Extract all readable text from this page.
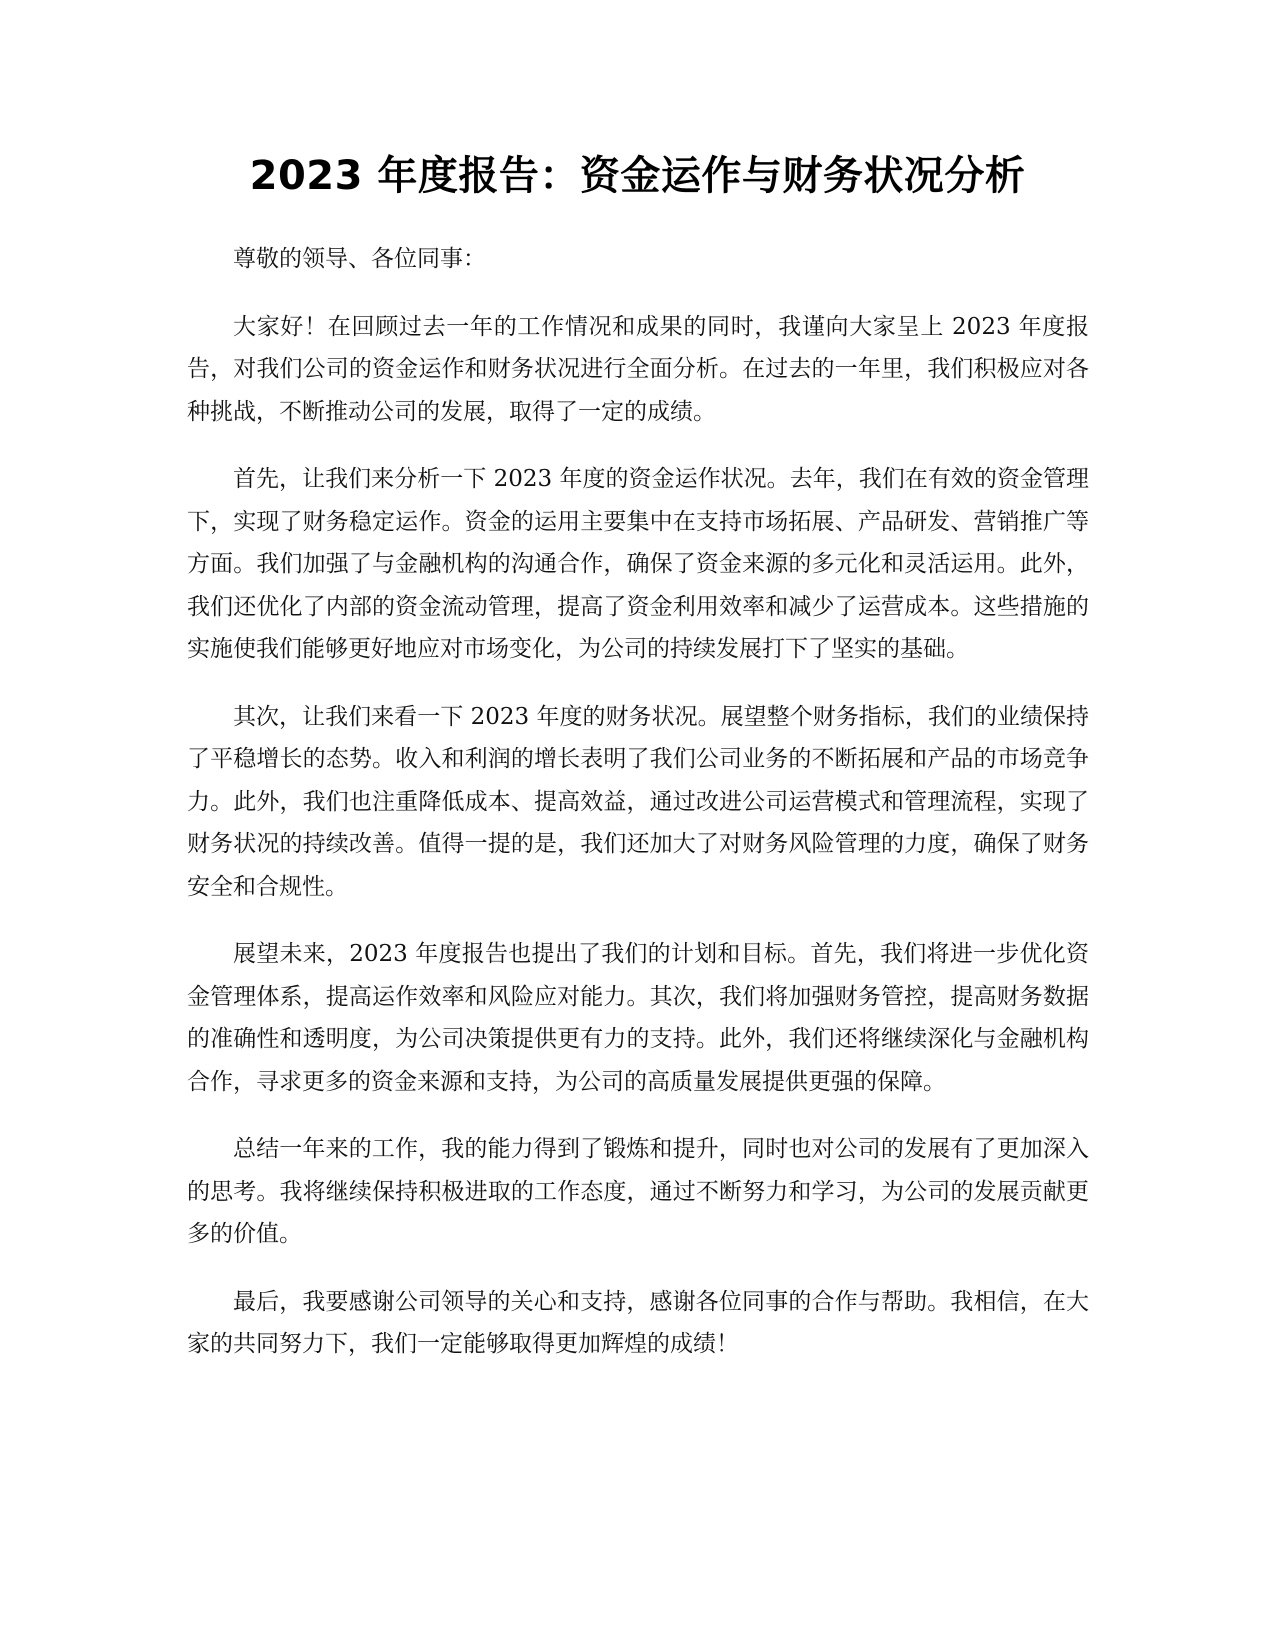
2023 年度报告：资金运作与财务状况分析

尊敬的领导、各位同事：

大家好！在回顾过去一年的工作情况和成果的同时，我谨向大家呈上 2023 年度报告，对我们公司的资金运作和财务状况进行全面分析。在过去的一年里，我们积极应对各种挑战，不断推动公司的发展，取得了一定的成绩。

首先，让我们来分析一下 2023 年度的资金运作状况。去年，我们在有效的资金管理下，实现了财务稳定运作。资金的运用主要集中在支持市场拓展、产品研发、营销推广等方面。我们加强了与金融机构的沟通合作，确保了资金来源的多元化和灵活运用。此外，我们还优化了内部的资金流动管理，提高了资金利用效率和减少了运营成本。这些措施的实施使我们能够更好地应对市场变化，为公司的持续发展打下了坚实的基础。

其次，让我们来看一下 2023 年度的财务状况。展望整个财务指标，我们的业绩保持了平稳增长的态势。收入和利润的增长表明了我们公司业务的不断拓展和产品的市场竞争力。此外，我们也注重降低成本、提高效益，通过改进公司运营模式和管理流程，实现了财务状况的持续改善。值得一提的是，我们还加大了对财务风险管理的力度，确保了财务安全和合规性。

展望未来，2023 年度报告也提出了我们的计划和目标。首先，我们将进一步优化资金管理体系，提高运作效率和风险应对能力。其次，我们将加强财务管控，提高财务数据的准确性和透明度，为公司决策提供更有力的支持。此外，我们还将继续深化与金融机构合作，寻求更多的资金来源和支持，为公司的高质量发展提供更强的保障。

总结一年来的工作，我的能力得到了锻炼和提升，同时也对公司的发展有了更加深入的思考。我将继续保持积极进取的工作态度，通过不断努力和学习，为公司的发展贡献更多的价值。

最后，我要感谢公司领导的关心和支持，感谢各位同事的合作与帮助。我相信，在大家的共同努力下，我们一定能够取得更加辉煌的成绩！
